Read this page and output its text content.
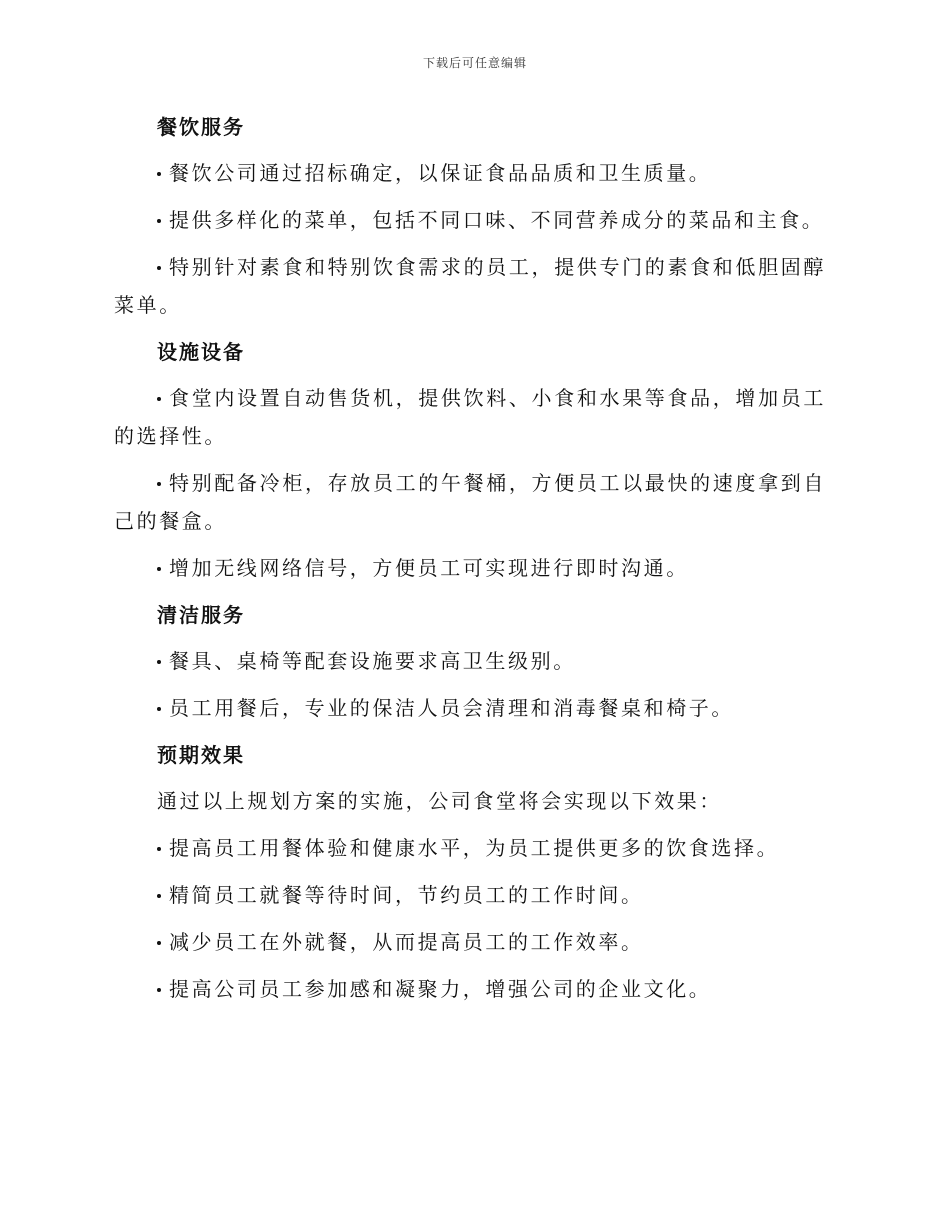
下载后可任意编辑
餐饮服务
餐饮公司通过招标确定，以保证食品品质和卫生质量。
提供多样化的菜单，包括不同口味、不同营养成分的菜品和主食。
特别针对素食和特别饮食需求的员工，提供专门的素食和低胆固醇菜单。
设施设备
食堂内设置自动售货机，提供饮料、小食和水果等食品，增加员工的选择性。
特别配备冷柜，存放员工的午餐桶，方便员工以最快的速度拿到自己的餐盒。
增加无线网络信号，方便员工可实现进行即时沟通。
清洁服务
餐具、桌椅等配套设施要求高卫生级别。
员工用餐后，专业的保洁人员会清理和消毒餐桌和椅子。
预期效果
通过以上规划方案的实施，公司食堂将会实现以下效果：
提高员工用餐体验和健康水平，为员工提供更多的饮食选择。
精简员工就餐等待时间，节约员工的工作时间。
减少员工在外就餐，从而提高员工的工作效率。
提高公司员工参加感和凝聚力，增强公司的企业文化。
